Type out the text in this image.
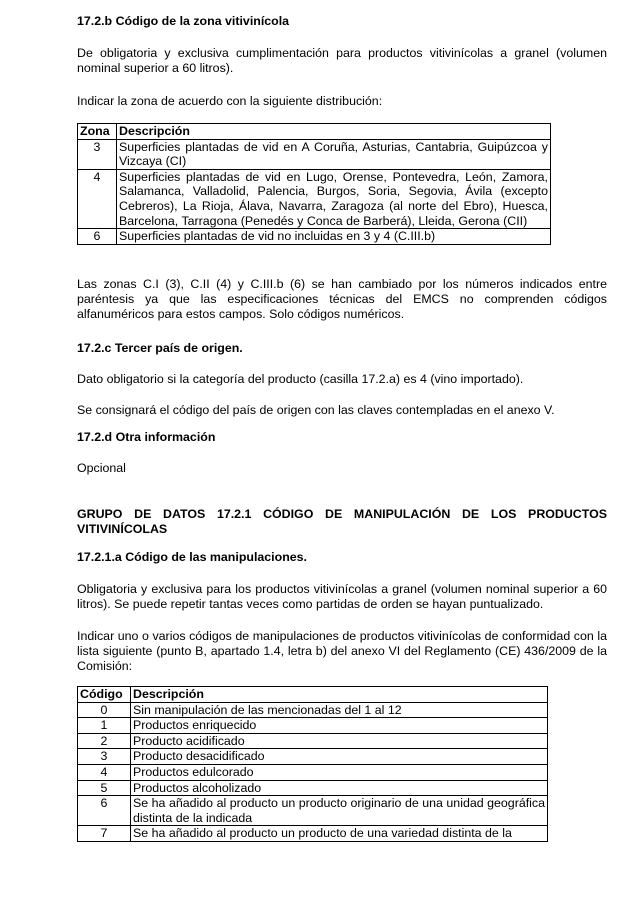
17.2.b Código de la zona vitivinícola

De obligatoria y exclusiva cumplimentación para productos vitivinícolas a granel (volumen nominal superior a 60 litros).

Indicar la zona de acuerdo con la siguiente distribución:

Zona	Descripción
3	Superficies plantadas de vid en A Coruña, Asturias, Cantabria, Guipúzcoa y Vizcaya (CI)
4	Superficies plantadas de vid en Lugo, Orense, Pontevedra, León, Zamora, Salamanca, Valladolid, Palencia, Burgos, Soria, Segovia, Ávila (excepto Cebreros), La Rioja, Álava, Navarra, Zaragoza (al norte del Ebro), Huesca, Barcelona, Tarragona (Penedés y Conca de Barberá), Lleida, Gerona (CII)
6	Superficies plantadas de vid no incluidas en 3 y 4 (C.III.b)

Las zonas C.I (3), C.II (4) y C.III.b (6) se han cambiado por los números indicados entre paréntesis ya que las especificaciones técnicas del EMCS no comprenden códigos alfanuméricos para estos campos. Solo códigos numéricos.

17.2.c Tercer país de origen.

Dato obligatorio si la categoría del producto (casilla 17.2.a) es 4 (vino importado).

Se consignará el código del país de origen con las claves contempladas en el anexo V.

17.2.d Otra información

Opcional

GRUPO DE DATOS 17.2.1 CÓDIGO DE MANIPULACIÓN DE LOS PRODUCTOS VITIVINÍCOLAS
17.2.1.a Código de las manipulaciones.

Obligatoria y exclusiva para los productos vitivinícolas a granel (volumen nominal superior a 60 litros). Se puede repetir tantas veces como partidas de orden se hayan puntualizado.

Indicar uno o varios códigos de manipulaciones de productos vitivinícolas de conformidad con la lista siguiente (punto B, apartado 1.4, letra b) del anexo VI del Reglamento (CE) 436/2009 de la Comisión:

Código	Descripción
0	Sin manipulación de las mencionadas del 1 al 12
1	Productos enriquecido
2	Producto acidificado
3	Producto desacidificado
4	Productos edulcorado
5	Productos alcoholizado
6	Se ha añadido al producto un producto originario de una unidad geográfica distinta de la indicada
7	Se ha añadido al producto un producto de una variedad distinta de la
